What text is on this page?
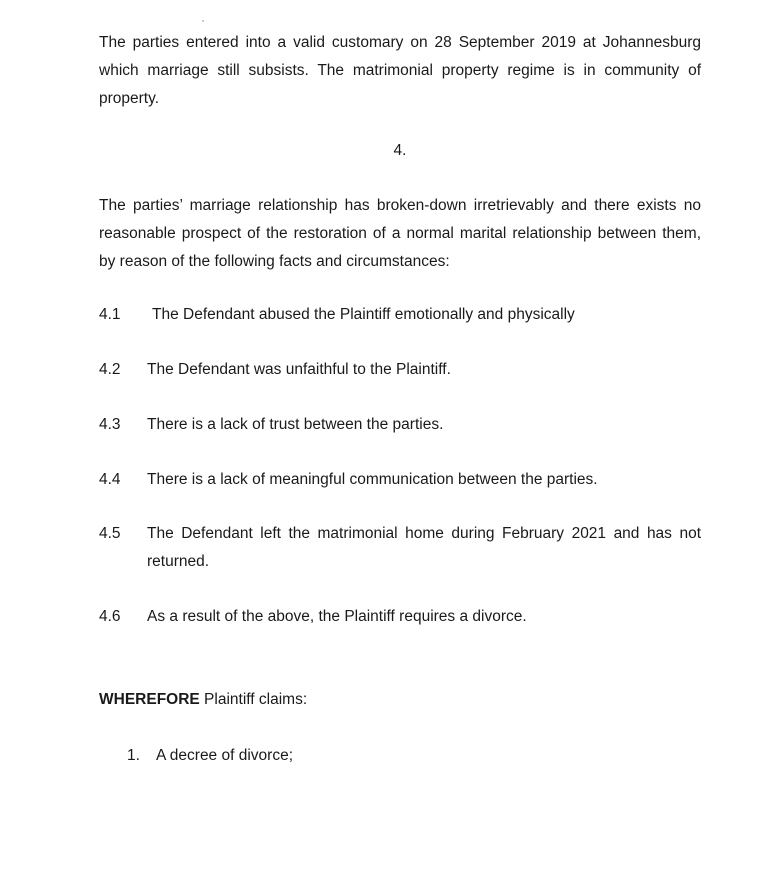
The parties entered into a valid customary on 28 September 2019 at Johannesburg which marriage still subsists. The matrimonial property regime is in community of property.

4.

The parties’ marriage relationship has broken-down irretrievably and there exists no reasonable prospect of the restoration of a normal marital relationship between them, by reason of the following facts and circumstances:

4.1 The Defendant abused the Plaintiff emotionally and physically
4.2 The Defendant was unfaithful to the Plaintiff.
4.3 There is a lack of trust between the parties.
4.4 There is a lack of meaningful communication between the parties.
4.5 The Defendant left the matrimonial home during February 2021 and has not returned.
4.6 As a result of the above, the Plaintiff requires a divorce.
WHEREFORE Plaintiff claims:
1. A decree of divorce;
